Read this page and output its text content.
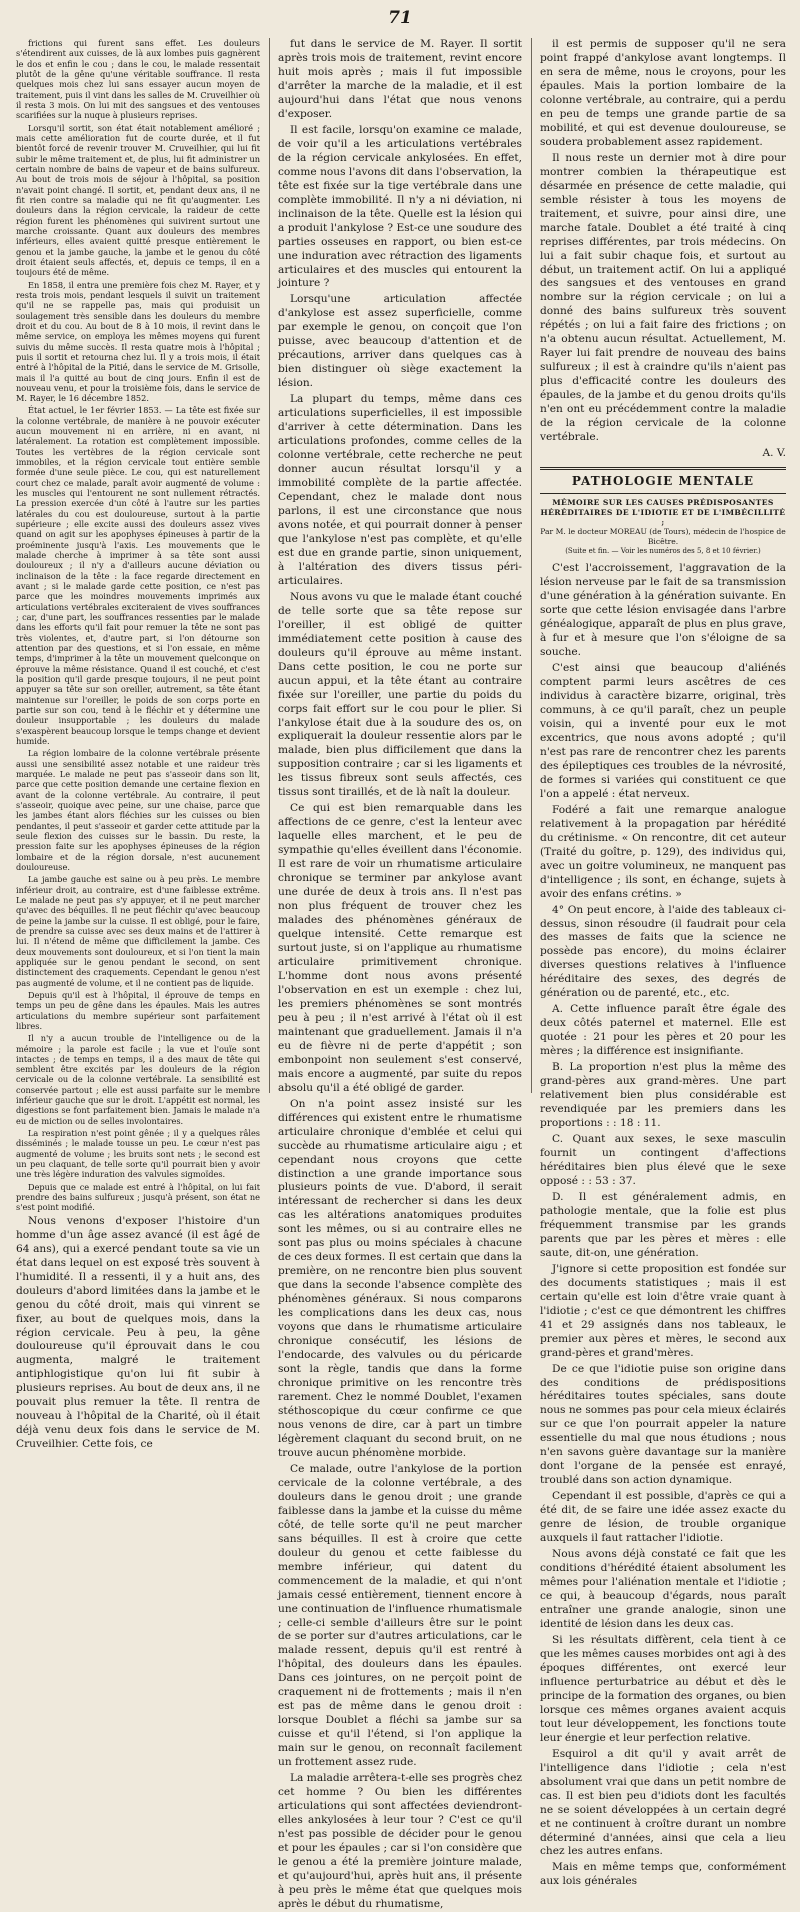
71

frictions qui furent sans effet. Les douleurs s'étendirent aux cuisses, de là aux lombes puis gagnèrent le dos et enfin le cou ; dans le cou, le malade ressentait plutôt de la gêne qu'une véritable souffrance. Il resta quelques mois chez lui sans essayer aucun moyen de traitement, puis il vint dans les salles de M. Cruveilhier où il resta 3 mois. On lui mit des sangsues et des ventouses scarifiées sur la nuque à plusieurs reprises.

Lorsqu'il sortit, son état était notablement amélioré ; mais cette amélioration fut de courte durée, et il fut bientôt forcé de revenir trouver M. Cruveilhier, qui lui fit subir le même traitement et, de plus, lui fit administrer un certain nombre de bains de vapeur et de bains sulfureux. Au bout de trois mois de séjour à l'hôpital, sa position n'avait point changé. Il sortit, et, pendant deux ans, il ne fit rien contre sa maladie qui ne fit qu'augmenter. Les douleurs dans la région cervicale, la raideur de cette région furent les phénomènes qui suivirent surtout une marche croissante. Quant aux douleurs des membres inférieurs, elles avaient quitté presque entièrement le genou et la jambe gauche, la jambe et le genou du côté droit étaient seuls affectés, et, depuis ce temps, il en a toujours été de même.

En 1858, il entra une première fois chez M. Rayer, et y resta trois mois, pendant lesquels il suivit un traitement qu'il ne se rappelle pas, mais qui produisit un soulagement très sensible dans les douleurs du membre droit et du cou. Au bout de 8 à 10 mois, il revint dans le même service, on employa les mêmes moyens qui furent suivis du même succès. Il resta quatre mois à l'hôpital ; puis il sortit et retourna chez lui. Il y a trois mois, il était entré à l'hôpital de la Pitié, dans le service de M. Grisolle, mais il l'a quitté au bout de cinq jours. Enfin il est de nouveau venu, et pour la troisième fois, dans le service de M. Rayer, le 16 décembre 1852.

État actuel, le 1er février 1853. — La tête est fixée sur la colonne vertébrale, de manière à ne pouvoir exécuter aucun mouvement ni en arrière, ni en avant, ni latéralement. La rotation est complètement impossible. Toutes les vertèbres de la région cervicale sont immobiles, et la région cervicale tout entière semble formée d'une seule pièce. Le cou, qui est naturellement court chez ce malade, paraît avoir augmenté de volume : les muscles qui l'entourent ne sont nullement rétractés. La pression exercée d'un côté à l'autre sur les parties latérales du cou est douloureuse, surtout à la partie supérieure ; elle excite aussi des douleurs assez vives quand on agit sur les apophyses épineuses à partir de la proéminente jusqu'à l'axis. Les mouvements que le malade cherche à imprimer à sa tête sont aussi douloureux ; il n'y a d'ailleurs aucune déviation ou inclinaison de la tête : la face regarde directement en avant ; si le malade garde cette position, ce n'est pas parce que les moindres mouvements imprimés aux articulations vertébrales exciteraient de vives souffrances ; car, d'une part, les souffrances ressenties par le malade dans les efforts qu'il fait pour remuer la tête ne sont pas très violentes, et, d'autre part, si l'on détourne son attention par des questions, et si l'on essaie, en même temps, d'imprimer à la tête un mouvement quelconque on éprouve la même résistance. Quand il est couché, et c'est la position qu'il garde presque toujours, il ne peut point appuyer sa tête sur son oreiller, autrement, sa tête étant maintenue sur l'oreiller, le poids de son corps porte en partie sur son cou, tend à le fléchir et y détermine une douleur insupportable ; les douleurs du malade s'exaspèrent beaucoup lorsque le temps change et devient humide.

La région lombaire de la colonne vertébrale présente aussi une sensibilité assez notable et une raideur très marquée. Le malade ne peut pas s'asseoir dans son lit, parce que cette position demande une certaine flexion en avant de la colonne vertébrale. Au contraire, il peut s'asseoir, quoique avec peine, sur une chaise, parce que les jambes étant alors fléchies sur les cuisses ou bien pendantes, il peut s'asseoir et garder cette attitude par la seule flexion des cuisses sur le bassin. Du reste, la pression faite sur les apophyses épineuses de la région lombaire et de la région dorsale, n'est aucunement douloureuse.

La jambe gauche est saine ou à peu près. Le membre inférieur droit, au contraire, est d'une faiblesse extrême. Le malade ne peut pas s'y appuyer, et il ne peut marcher qu'avec des béquilles. Il ne peut fléchir qu'avec beaucoup de peine la jambe sur la cuisse. Il est obligé, pour le faire, de prendre sa cuisse avec ses deux mains et de l'attirer à lui. Il n'étend de même que difficilement la jambe. Ces deux mouvements sont douloureux, et si l'on tient la main appliquée sur le genou pendant le second, on sent distinctement des craquements. Cependant le genou n'est pas augmenté de volume, et il ne contient pas de liquide.

Depuis qu'il est à l'hôpital, il éprouve de temps en temps un peu de gêne dans les épaules. Mais les autres articulations du membre supérieur sont parfaitement libres.

Il n'y a aucun trouble de l'intelligence ou de la mémoire ; la parole est facile ; la vue et l'ouïe sont intactes ; de temps en temps, il a des maux de tête qui semblent être excités par les douleurs de la région cervicale ou de la colonne vertébrale. La sensibilité est conservée partout ; elle est aussi parfaite sur le membre inférieur gauche que sur le droit. L'appétit est normal, les digestions se font parfaitement bien. Jamais le malade n'a eu de miction ou de selles involontaires.

La respiration n'est point gênée ; il y a quelques râles disséminés ; le malade tousse un peu. Le cœur n'est pas augmenté de volume ; les bruits sont nets ; le second est un peu claquant, de telle sorte qu'il pourrait bien y avoir une très légère induration des valvules sigmoïdes.

Depuis que ce malade est entré à l'hôpital, on lui fait prendre des bains sulfureux ; jusqu'à présent, son état ne s'est point modifié.

Nous venons d'exposer l'histoire d'un homme d'un âge assez avancé (il est âgé de 64 ans), qui a exercé pendant toute sa vie un état dans lequel on est exposé très souvent à l'humidité. Il a ressenti, il y a huit ans, des douleurs d'abord limitées dans la jambe et le genou du côté droit, mais qui vinrent se fixer, au bout de quelques mois, dans la région cervicale. Peu à peu, la gêne douloureuse qu'il éprouvait dans le cou augmenta, malgré le traitement antiphlogistique qu'on lui fit subir à plusieurs reprises. Au bout de deux ans, il ne pouvait plus remuer la tête. Il rentra de nouveau à l'hôpital de la Charité, où il était déjà venu deux fois dans le service de M. Cruveilhier. Cette fois, ce

fut dans le service de M. Rayer. Il sortit après trois mois de traitement, revint encore huit mois après ; mais il fut impossible d'arrêter la marche de la maladie, et il est aujourd'hui dans l'état que nous venons d'exposer.

Il est facile, lorsqu'on examine ce malade, de voir qu'il a les articulations vertébrales de la région cervicale ankylosées. En effet, comme nous l'avons dit dans l'observation, la tête est fixée sur la tige vertébrale dans une complète immobilité. Il n'y a ni déviation, ni inclinaison de la tête. Quelle est la lésion qui a produit l'ankylose ? Est-ce une soudure des parties osseuses en rapport, ou bien est-ce une induration avec rétraction des ligaments articulaires et des muscles qui entourent la jointure ?

Lorsqu'une articulation affectée d'ankylose est assez superficielle, comme par exemple le genou, on conçoit que l'on puisse, avec beaucoup d'attention et de précautions, arriver dans quelques cas à bien distinguer où siège exactement la lésion.

La plupart du temps, même dans ces articulations superficielles, il est impossible d'arriver à cette détermination. Dans les articulations profondes, comme celles de la colonne vertébrale, cette recherche ne peut donner aucun résultat lorsqu'il y a immobilité complète de la partie affectée. Cependant, chez le malade dont nous parlons, il est une circonstance que nous avons notée, et qui pourrait donner à penser que l'ankylose n'est pas complète, et qu'elle est due en grande partie, sinon uniquement, à l'altération des divers tissus péri-articulaires.

Nous avons vu que le malade étant couché de telle sorte que sa tête repose sur l'oreiller, il est obligé de quitter immédiatement cette position à cause des douleurs qu'il éprouve au même instant. Dans cette position, le cou ne porte sur aucun appui, et la tête étant au contraire fixée sur l'oreiller, une partie du poids du corps fait effort sur le cou pour le plier. Si l'ankylose était due à la soudure des os, on expliquerait la douleur ressentie alors par le malade, bien plus difficilement que dans la supposition contraire ; car si les ligaments et les tissus fibreux sont seuls affectés, ces tissus sont tiraillés, et de là naît la douleur.

Ce qui est bien remarquable dans les affections de ce genre, c'est la lenteur avec laquelle elles marchent, et le peu de sympathie qu'elles éveillent dans l'économie. Il est rare de voir un rhumatisme articulaire chronique se terminer par ankylose avant une durée de deux à trois ans. Il n'est pas non plus fréquent de trouver chez les malades des phénomènes généraux de quelque intensité. Cette remarque est surtout juste, si on l'applique au rhumatisme articulaire primitivement chronique. L'homme dont nous avons présenté l'observation en est un exemple : chez lui, les premiers phénomènes se sont montrés peu à peu ; il n'est arrivé à l'état où il est maintenant que graduellement. Jamais il n'a eu de fièvre ni de perte d'appétit ; son embonpoint non seulement s'est conservé, mais encore a augmenté, par suite du repos absolu qu'il a été obligé de garder.

On n'a point assez insisté sur les différences qui existent entre le rhumatisme articulaire chronique d'emblée et celui qui succède au rhumatisme articulaire aigu ; et cependant nous croyons que cette distinction a une grande importance sous plusieurs points de vue. D'abord, il serait intéressant de rechercher si dans les deux cas les altérations anatomiques produites sont les mêmes, ou si au contraire elles ne sont pas plus ou moins spéciales à chacune de ces deux formes. Il est certain que dans la première, on ne rencontre bien plus souvent que dans la seconde l'absence complète des phénomènes généraux. Si nous comparons les complications dans les deux cas, nous voyons que dans le rhumatisme articulaire chronique consécutif, les lésions de l'endocarde, des valvules ou du péricarde sont la règle, tandis que dans la forme chronique primitive on les rencontre très rarement. Chez le nommé Doublet, l'examen stéthoscopique du cœur confirme ce que nous venons de dire, car à part un timbre légèrement claquant du second bruit, on ne trouve aucun phénomène morbide.

Ce malade, outre l'ankylose de la portion cervicale de la colonne vertébrale, a des douleurs dans le genou droit ; une grande faiblesse dans la jambe et la cuisse du même côté, de telle sorte qu'il ne peut marcher sans béquilles. Il est à croire que cette douleur du genou et cette faiblesse du membre inférieur, qui datent du commencement de la maladie, et qui n'ont jamais cessé entièrement, tiennent encore à une continuation de l'influence rhumatismale ; celle-ci semble d'ailleurs être sur le point de se porter sur d'autres articulations, car le malade ressent, depuis qu'il est rentré à l'hôpital, des douleurs dans les épaules. Dans ces jointures, on ne perçoit point de craquement ni de frottements ; mais il n'en est pas de même dans le genou droit : lorsque Doublet a fléchi sa jambe sur sa cuisse et qu'il l'étend, si l'on applique la main sur le genou, on reconnaît facilement un frottement assez rude.

La maladie arrêtera-t-elle ses progrès chez cet homme ? Ou bien les différentes articulations qui sont affectées deviendront-elles ankylosées à leur tour ? C'est ce qu'il n'est pas possible de décider pour le genou et pour les épaules ; car si l'on considère que le genou a été la première jointure malade, et qu'aujourd'hui, après huit ans, il présente à peu près le même état que quelques mois après le début du rhumatisme,

il est permis de supposer qu'il ne sera point frappé d'ankylose avant longtemps. Il en sera de même, nous le croyons, pour les épaules. Mais la portion lombaire de la colonne vertébrale, au contraire, qui a perdu en peu de temps une grande partie de sa mobilité, et qui est devenue douloureuse, se soudera probablement assez rapidement.

Il nous reste un dernier mot à dire pour montrer combien la thérapeutique est désarmée en présence de cette maladie, qui semble résister à tous les moyens de traitement, et suivre, pour ainsi dire, une marche fatale. Doublet a été traité à cinq reprises différentes, par trois médecins. On lui a fait subir chaque fois, et surtout au début, un traitement actif. On lui a appliqué des sangsues et des ventouses en grand nombre sur la région cervicale ; on lui a donné des bains sulfureux très souvent répétés ; on lui a fait faire des frictions ; on n'a obtenu aucun résultat. Actuellement, M. Rayer lui fait prendre de nouveau des bains sulfureux ; il est à craindre qu'ils n'aient pas plus d'efficacité contre les douleurs des épaules, de la jambe et du genou droits qu'ils n'en ont eu précédemment contre la maladie de la région cervicale de la colonne vertébrale.

A. V.
PATHOLOGIE MENTALE
MÉMOIRE SUR LES CAUSES PRÉDISPOSANTES HÉRÉDITAIRES DE L'IDIOTIE ET DE L'IMBÉCILLITÉ ;
Par M. le docteur MOREAU (de Tours), médecin de l'hospice de Bicêtre.
(Suite et fin. — Voir les numéros des 5, 8 et 10 février.)

C'est l'accroissement, l'aggravation de la lésion nerveuse par le fait de sa transmission d'une génération à la génération suivante. En sorte que cette lésion envisagée dans l'arbre généalogique, apparaît de plus en plus grave, à fur et à mesure que l'on s'éloigne de sa souche.

C'est ainsi que beaucoup d'aliénés comptent parmi leurs ascêtres de ces individus à caractère bizarre, original, très communs, à ce qu'il paraît, chez un peuple voisin, qui a inventé pour eux le mot excentrics, que nous avons adopté ; qu'il n'est pas rare de rencontrer chez les parents des épileptiques ces troubles de la névrosité, de formes si variées qui constituent ce que l'on a appelé : état nerveux.

Fodéré a fait une remarque analogue relativement à la propagation par hérédité du crétinisme. « On rencontre, dit cet auteur (Traité du goître, p. 129), des individus qui, avec un goitre volumineux, ne manquent pas d'intelligence ; ils sont, en échange, sujets à avoir des enfans crétins. »

4° On peut encore, à l'aide des tableaux ci-dessus, sinon résoudre (il faudrait pour cela des masses de faits que la science ne possède pas encore), du moins éclairer diverses questions relatives à l'influence héréditaire des sexes, des degrés de génération ou de parenté, etc., etc.

A. Cette influence paraît être égale des deux côtés paternel et maternel. Elle est quotée : 21 pour les pères et 20 pour les mères ; la différence est insignifiante.

B. La proportion n'est plus la même des grand-pères aux grand-mères. Une part relativement bien plus considérable est revendiquée par les premiers dans les proportions : : 18 : 11.

C. Quant aux sexes, le sexe masculin fournit un contingent d'affections héréditaires bien plus élevé que le sexe opposé : : 53 : 37.

D. Il est généralement admis, en pathologie mentale, que la folie est plus fréquemment transmise par les grands parents que par les pères et mères : elle saute, dit-on, une génération.

J'ignore si cette proposition est fondée sur des documents statistiques ; mais il est certain qu'elle est loin d'être vraie quant à l'idiotie ; c'est ce que démontrent les chiffres 41 et 29 assignés dans nos tableaux, le premier aux pères et mères, le second aux grand-pères et grand'mères.

De ce que l'idiotie puise son origine dans des conditions de prédispositions héréditaires toutes spéciales, sans doute nous ne sommes pas pour cela mieux éclairés sur ce que l'on pourrait appeler la nature essentielle du mal que nous étudions ; nous n'en savons guère davantage sur la manière dont l'organe de la pensée est enrayé, troublé dans son action dynamique.

Cependant il est possible, d'après ce qui a été dit, de se faire une idée assez exacte du genre de lésion, de trouble organique auxquels il faut rattacher l'idiotie.

Nous avons déjà constaté ce fait que les conditions d'hérédité étaient absolument les mêmes pour l'aliénation mentale et l'idiotie ; ce qui, à beaucoup d'égards, nous paraît entraîner une grande analogie, sinon une identité de lésion dans les deux cas.

Si les résultats diffèrent, cela tient à ce que les mêmes causes morbides ont agi à des époques différentes, ont exercé leur influence perturbatrice au début et dès le principe de la formation des organes, ou bien lorsque ces mêmes organes avaient acquis tout leur développement, les fonctions toute leur énergie et leur perfection relative.

Esquirol a dit qu'il y avait arrêt de l'intelligence dans l'idiotie ; cela n'est absolument vrai que dans un petit nombre de cas. Il est bien peu d'idiots dont les facultés ne se soient développées à un certain degré et ne continuent à croître durant un nombre déterminé d'années, ainsi que cela a lieu chez les autres enfans.

Mais en même temps que, conformément aux lois générales
